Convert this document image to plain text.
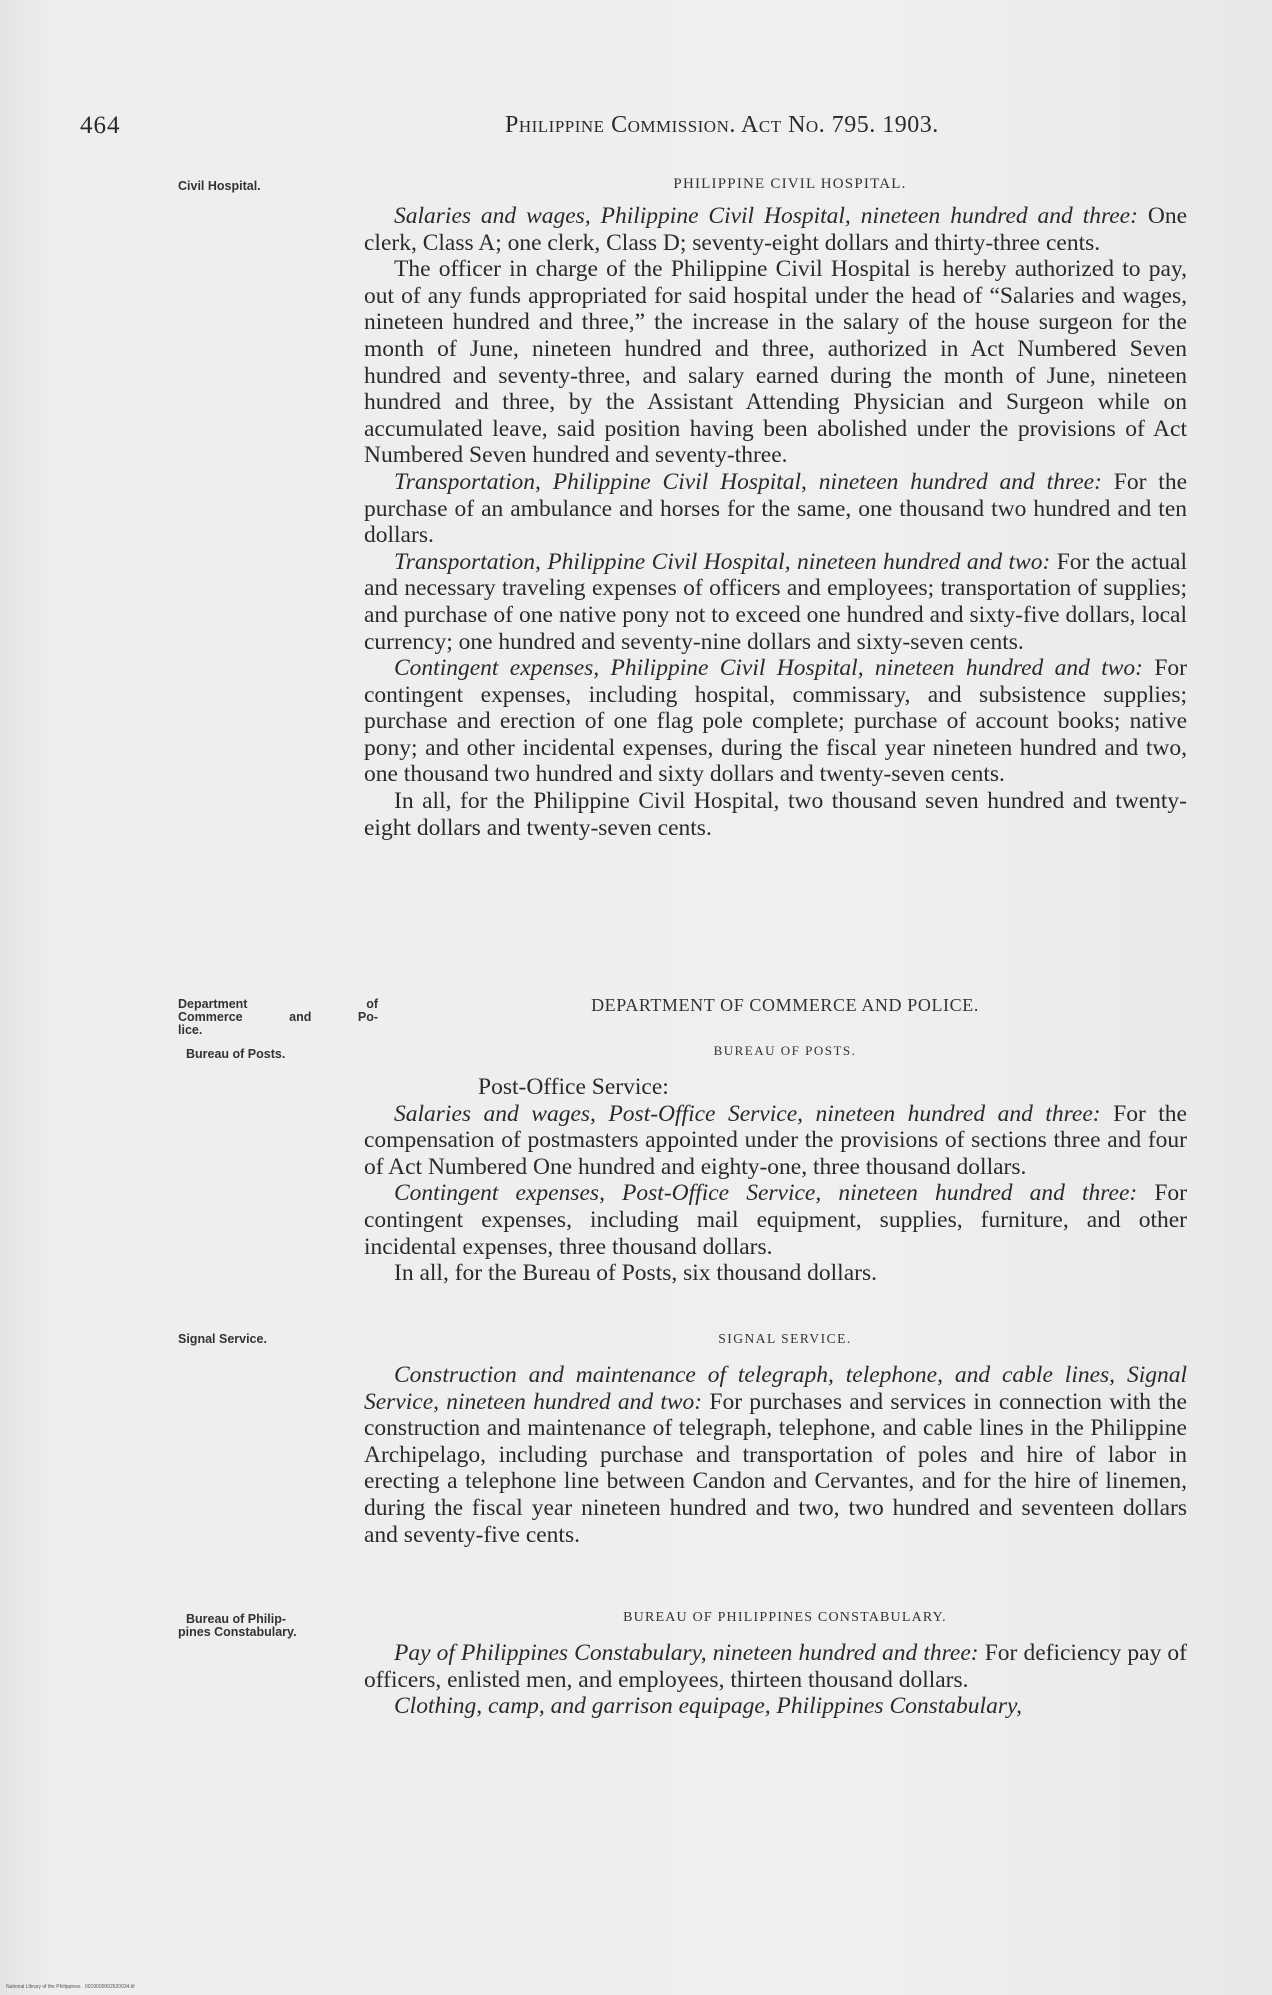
464	Philippine Commission. Act No. 795. 1903.
Civil Hospital.
Department of
Commerce and Po-
lice.
Bureau of Posts.
Signal Service.
Bureau of Philip-
pines Constabulary.
PHILIPPINE CIVIL HOSPITAL.

Salaries and wages, Philippine Civil Hospital, nineteen hundred and three: One clerk, Class A; one clerk, Class D; seventy-eight dollars and thirty-three cents.

The officer in charge of the Philippine Civil Hospital is hereby authorized to pay, out of any funds appropriated for said hospital under the head of “Salaries and wages, nineteen hundred and three,” the increase in the salary of the house surgeon for the month of June, nineteen hundred and three, authorized in Act Numbered Seven hundred and seventy-three, and salary earned during the month of June, nineteen hundred and three, by the Assistant Attending Physician and Surgeon while on accumulated leave, said position having been abolished under the provisions of Act Numbered Seven hundred and seventy-three.

Transportation, Philippine Civil Hospital, nineteen hundred and three: For the purchase of an ambulance and horses for the same, one thousand two hundred and ten dollars.

Transportation, Philippine Civil Hospital, nineteen hundred and two: For the actual and necessary traveling expenses of officers and employees; transportation of supplies; and purchase of one native pony not to exceed one hundred and sixty-five dollars, local currency; one hundred and seventy-nine dollars and sixty-seven cents.

Contingent expenses, Philippine Civil Hospital, nineteen hundred and two: For contingent expenses, including hospital, commissary, and subsistence supplies; purchase and erection of one flag pole complete; purchase of account books; native pony; and other incidental expenses, during the fiscal year nineteen hundred and two, one thousand two hundred and sixty dollars and twenty-seven cents.

In all, for the Philippine Civil Hospital, two thousand seven hundred and twenty-eight dollars and twenty-seven cents.

DEPARTMENT OF COMMERCE AND POLICE.
BUREAU OF POSTS.

Post-Office Service:

Salaries and wages, Post-Office Service, nineteen hundred and three: For the compensation of postmasters appointed under the provisions of sections three and four of Act Numbered One hundred and eighty-one, three thousand dollars.

Contingent expenses, Post-Office Service, nineteen hundred and three: For contingent expenses, including mail equipment, supplies, furniture, and other incidental expenses, three thousand dollars.

In all, for the Bureau of Posts, six thousand dollars.

SIGNAL SERVICE.

Construction and maintenance of telegraph, telephone, and cable lines, Signal Service, nineteen hundred and two: For purchases and services in connection with the construction and maintenance of telegraph, telephone, and cable lines in the Philippine Archipelago, including purchase and transportation of poles and hire of labor in erecting a telephone line between Candon and Cervantes, and for the hire of linemen, during the fiscal year nineteen hundred and two, two hundred and seventeen dollars and seventy-five cents.

BUREAU OF PHILIPPINES CONSTABULARY.

Pay of Philippines Constabulary, nineteen hundred and three: For deficiency pay of officers, enlisted men, and employees, thirteen thousand dollars.

Clothing, camp, and garrison equipage, Philippines Constabulary,

National Library of the Philippines · 0019000002620034.tif
